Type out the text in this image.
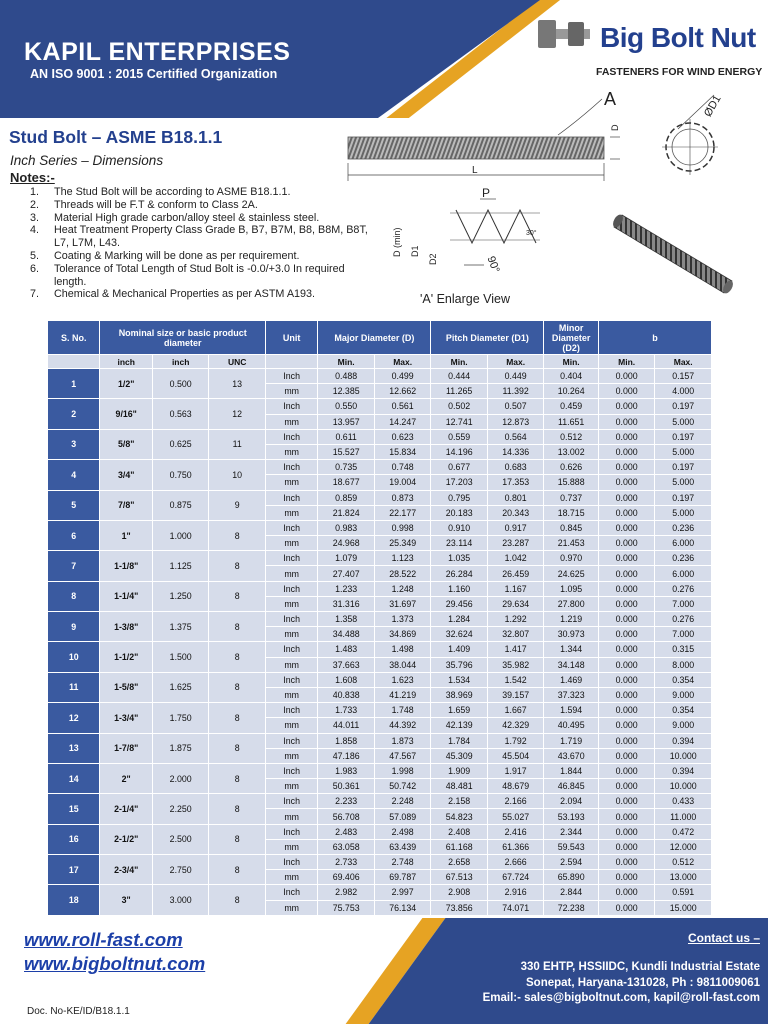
KAPIL ENTERPRISES
AN ISO 9001 : 2015 Certified Organization
Big Bolt Nut
FASTENERS FOR WIND ENERGY
Stud Bolt – ASME B18.1.1
Inch Series – Dimensions
Notes:-
1. The Stud Bolt will be according to ASME B18.1.1.
2. Threads will be F.T & conform to Class 2A.
3. Material High grade carbon/alloy steel & stainless steel.
4. Heat Treatment Property Class Grade B, B7, B7M, B8, B8M, B8T, L7, L7M, L43.
5. Coating & Marking will be done as per requirement.
6. Tolerance of Total Length of Stud Bolt is -0.0/+3.0 In required length.
7. Chemical & Mechanical Properties as per ASTM A193.
A
L
D
ØD1
P
30°
D (min) D1
D2	90°
'A' Enlarge View
S. No.	Nominal size or basic product diameter			Unit	Major Diameter (D)		Pitch Diameter (D1)		Minor Diameter (D2)	b	
	inch	inch	UNC		Min.	Max.	Min.	Max.	Min.	Min.	Max.
1	1/2"	0.500	13	Inch	0.488	0.499	0.444	0.449	0.404	0.000	0.157
				mm	12.385	12.662	11.265	11.392	10.264	0.000	4.000
2	9/16"	0.563	12	Inch	0.550	0.561	0.502	0.507	0.459	0.000	0.197
				mm	13.957	14.247	12.741	12.873	11.651	0.000	5.000
3	5/8"	0.625	11	Inch	0.611	0.623	0.559	0.564	0.512	0.000	0.197
				mm	15.527	15.834	14.196	14.336	13.002	0.000	5.000
4	3/4"	0.750	10	Inch	0.735	0.748	0.677	0.683	0.626	0.000	0.197
				mm	18.677	19.004	17.203	17.353	15.888	0.000	5.000
5	7/8"	0.875	9	Inch	0.859	0.873	0.795	0.801	0.737	0.000	0.197
				mm	21.824	22.177	20.183	20.343	18.715	0.000	5.000
6	1"	1.000	8	Inch	0.983	0.998	0.910	0.917	0.845	0.000	0.236
				mm	24.968	25.349	23.114	23.287	21.453	0.000	6.000
7	1-1/8"	1.125	8	Inch	1.079	1.123	1.035	1.042	0.970	0.000	0.236
				mm	27.407	28.522	26.284	26.459	24.625	0.000	6.000
8	1-1/4"	1.250	8	Inch	1.233	1.248	1.160	1.167	1.095	0.000	0.276
				mm	31.316	31.697	29.456	29.634	27.800	0.000	7.000
9	1-3/8"	1.375	8	Inch	1.358	1.373	1.284	1.292	1.219	0.000	0.276
				mm	34.488	34.869	32.624	32.807	30.973	0.000	7.000
10	1-1/2"	1.500	8	Inch	1.483	1.498	1.409	1.417	1.344	0.000	0.315
				mm	37.663	38.044	35.796	35.982	34.148	0.000	8.000
11	1-5/8"	1.625	8	Inch	1.608	1.623	1.534	1.542	1.469	0.000	0.354
				mm	40.838	41.219	38.969	39.157	37.323	0.000	9.000
12	1-3/4"	1.750	8	Inch	1.733	1.748	1.659	1.667	1.594	0.000	0.354
				mm	44.011	44.392	42.139	42.329	40.495	0.000	9.000
13	1-7/8"	1.875	8	Inch	1.858	1.873	1.784	1.792	1.719	0.000	0.394
				mm	47.186	47.567	45.309	45.504	43.670	0.000	10.000
14	2"	2.000	8	Inch	1.983	1.998	1.909	1.917	1.844	0.000	0.394
				mm	50.361	50.742	48.481	48.679	46.845	0.000	10.000
15	2-1/4"	2.250	8	Inch	2.233	2.248	2.158	2.166	2.094	0.000	0.433
				mm	56.708	57.089	54.823	55.027	53.193	0.000	11.000
16	2-1/2"	2.500	8	Inch	2.483	2.498	2.408	2.416	2.344	0.000	0.472
				mm	63.058	63.439	61.168	61.366	59.543	0.000	12.000
17	2-3/4"	2.750	8	Inch	2.733	2.748	2.658	2.666	2.594	0.000	0.512
				mm	69.406	69.787	67.513	67.724	65.890	0.000	13.000
18	3"	3.000	8	Inch	2.982	2.997	2.908	2.916	2.844	0.000	0.591
				mm	75.753	76.134	73.856	74.071	72.238	0.000	15.000
www.roll-fast.com
www.bigboltnut.com
Contact us –
330 EHTP, HSSIIDC, Kundli Industrial Estate
Sonepat, Haryana-131028, Ph : 9811009061
Email:- sales@bigboltnut.com, kapil@roll-fast.com
Doc. No-KE/ID/B18.1.1
